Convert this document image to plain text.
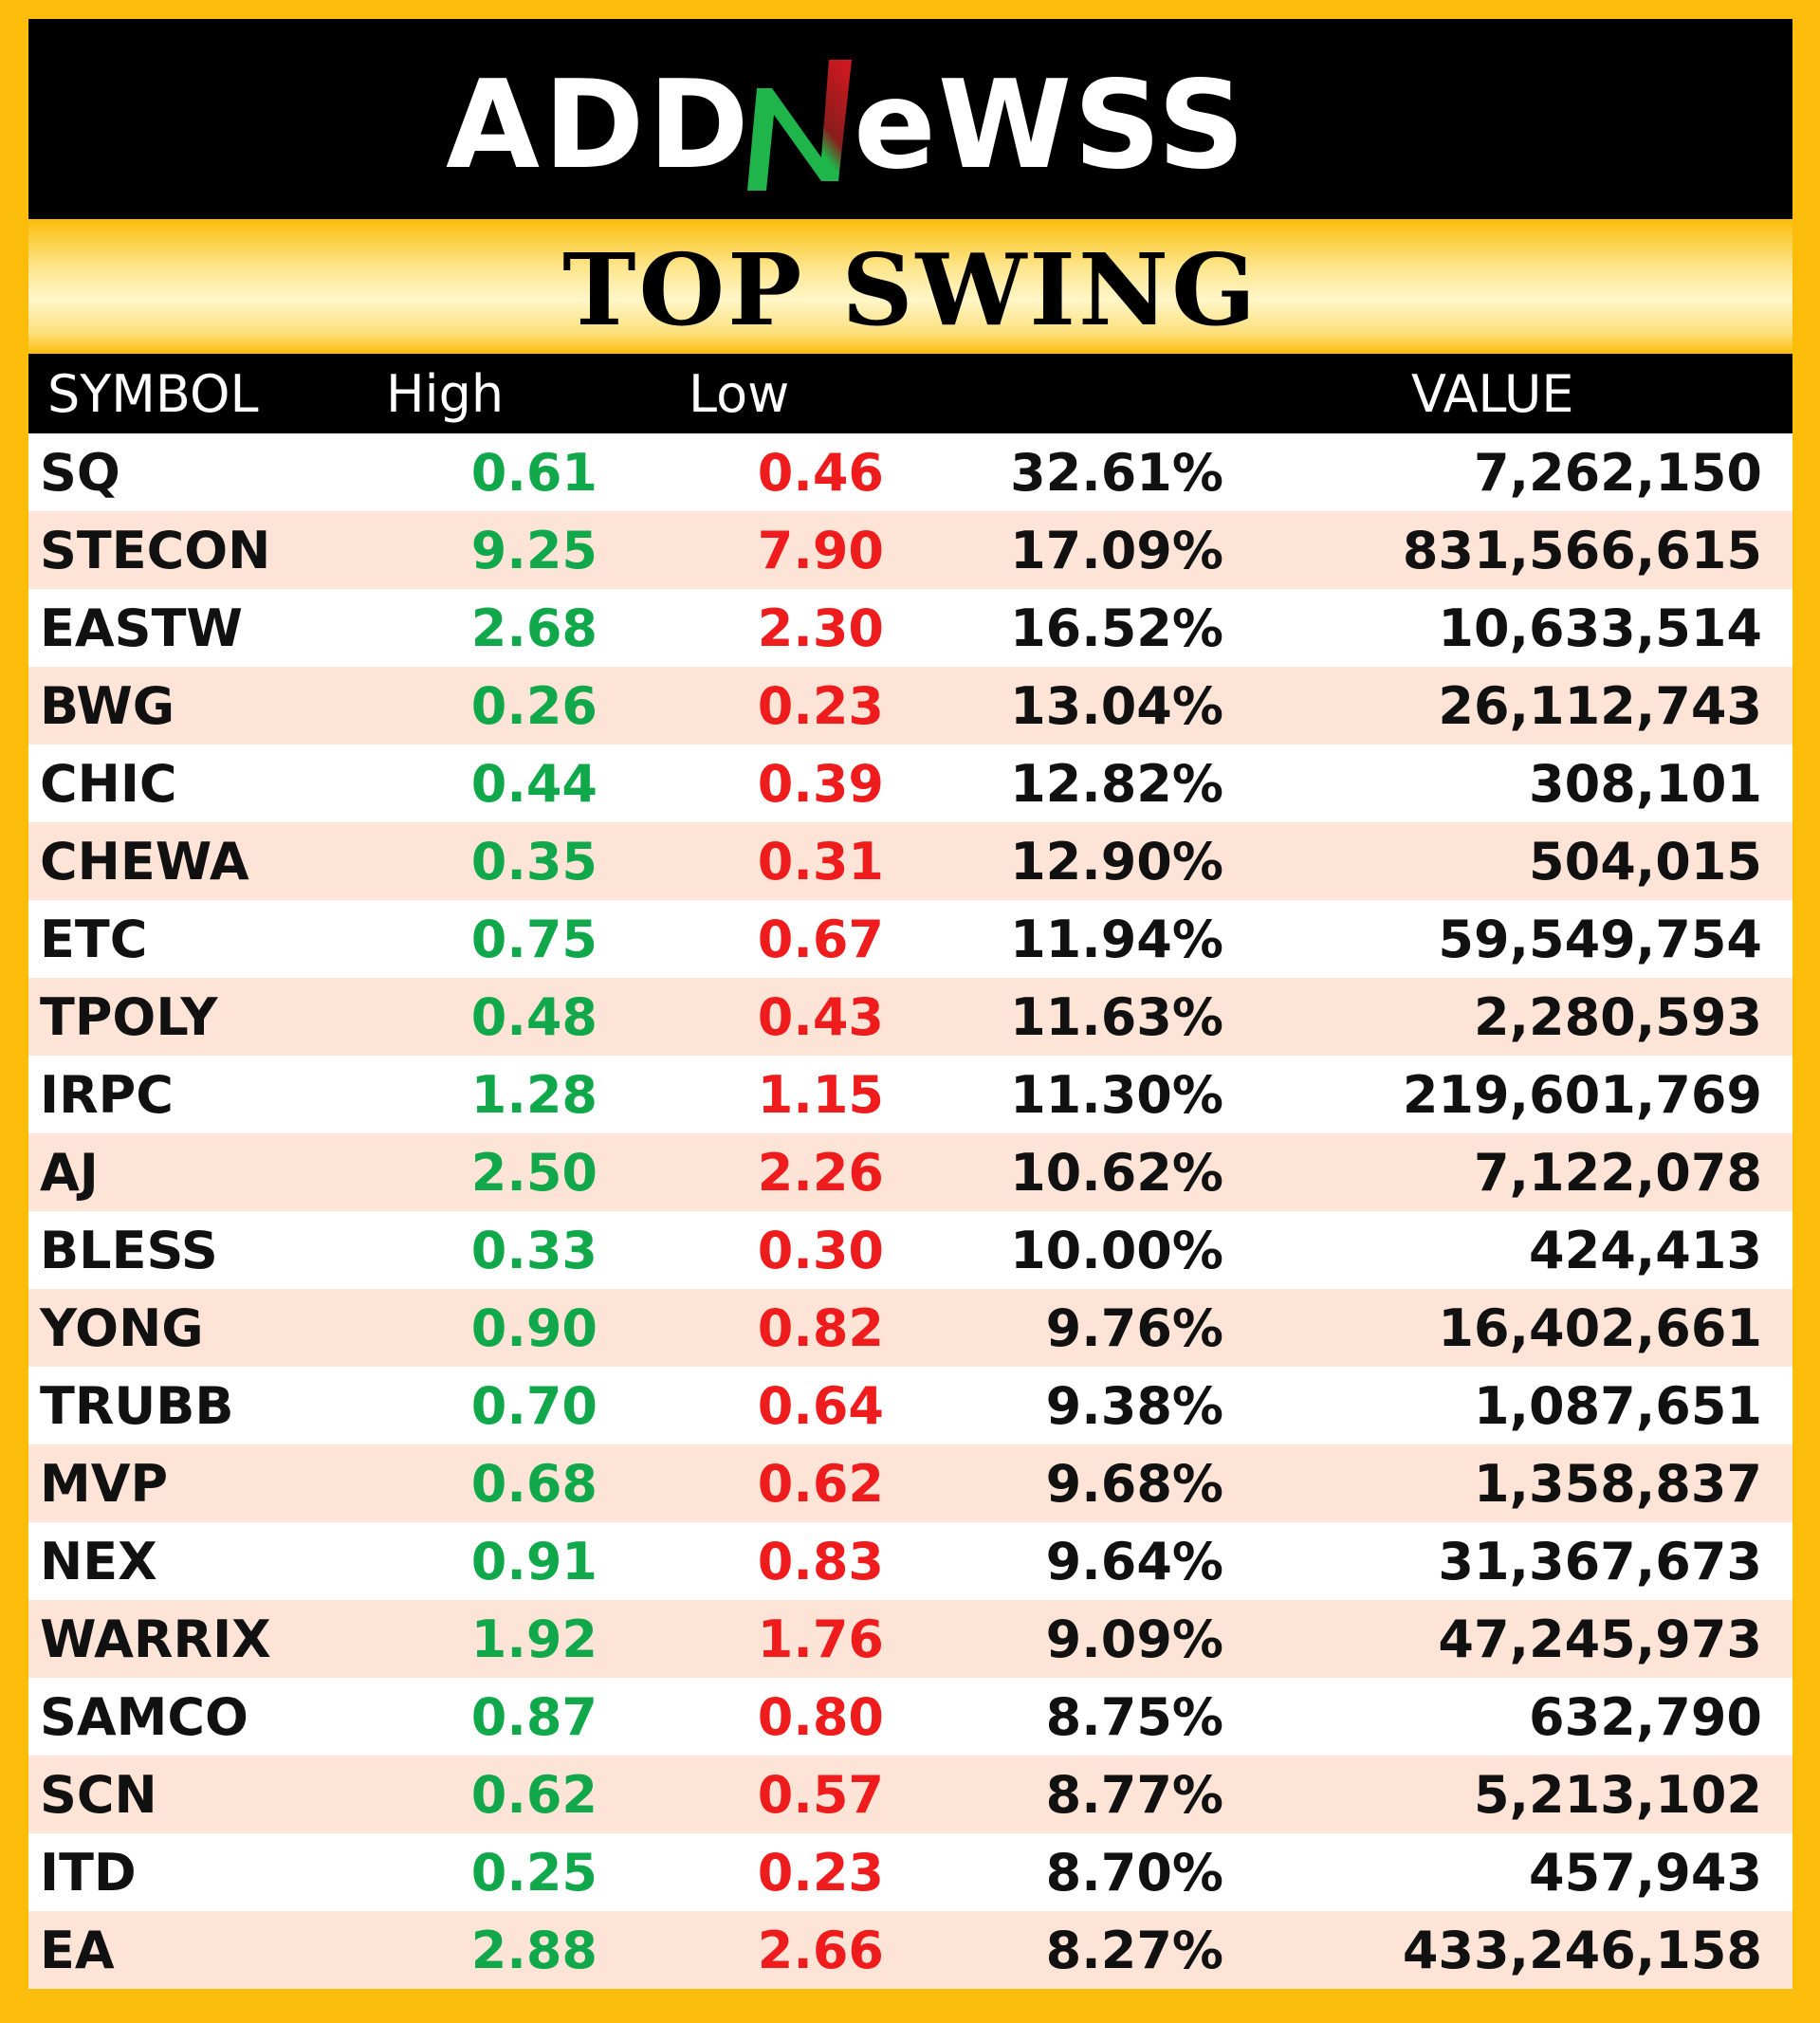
ADD eWSS
TOP SWING
SYMBOL High	Low	VALUE
SQ	0.61	0.46 32.61%	7,262,150
STECON	9.25	7.90 17.09%	831,566,615
EASTW	2.68	2.30 16.52%	10,633,514
BWG	0.26	0.23 13.04%	26,112,743
CHIC	0.44	0.39 12.82%	308,101
CHEWA	0.35	0.31 12.90%	504,015
ETC	0.75	0.67 11.94%	59,549,754
TPOLY	0.48	0.43 11.63%	2,280,593
IRPC	1.28	1.15 11.30%	219,601,769
AJ	2.50	2.26 10.62%	7,122,078
BLESS	0.33	0.30 10.00%	424,413
YONG	0.90	0.82	9.76%	16,402,661
TRUBB	0.70	0.64	9.38%	1,087,651
MVP	0.68	0.62	9.68%	1,358,837
NEX	0.91	0.83	9.64%	31,367,673
WARRIX	1.92	1.76	9.09%	47,245,973
SAMCO	0.87	0.80	8.75%	632,790
SCN	0.62	0.57	8.77%	5,213,102
ITD	0.25	0.23	8.70%	457,943
EA	2.88	2.66	8.27%	433,246,158
